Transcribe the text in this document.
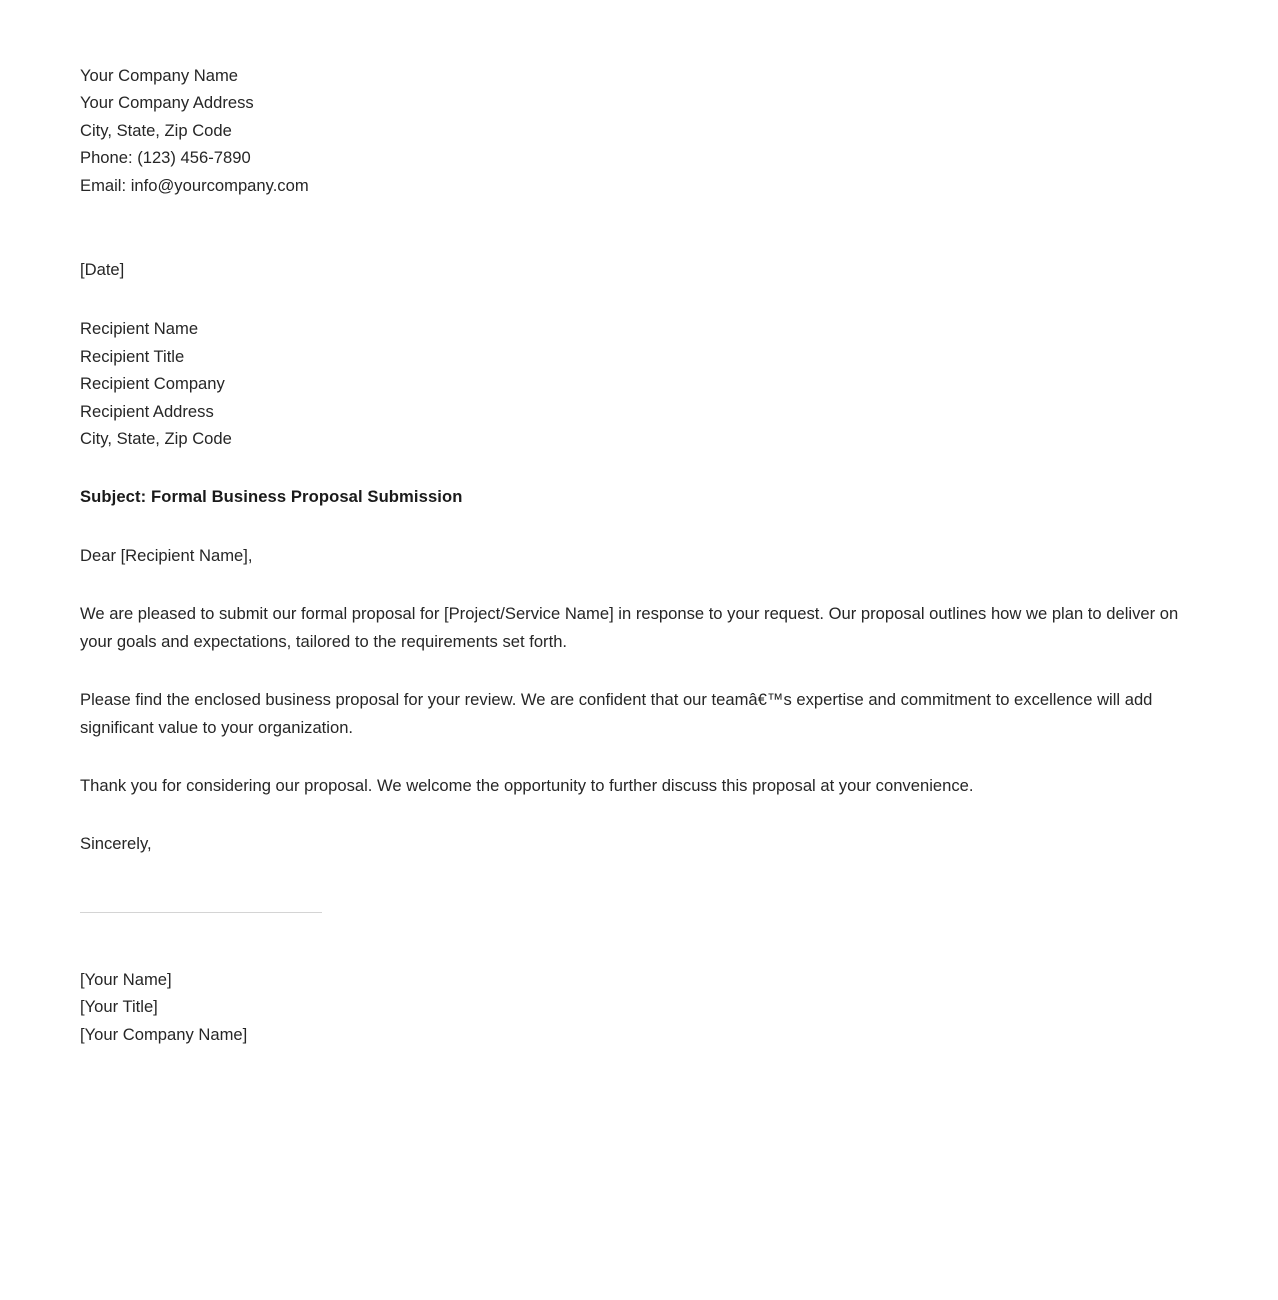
Your Company Name
Your Company Address
City, State, Zip Code
Phone: (123) 456-7890
Email: info@yourcompany.com
[Date]
Recipient Name
Recipient Title
Recipient Company
Recipient Address
City, State, Zip Code
Subject: Formal Business Proposal Submission
Dear [Recipient Name],

We are pleased to submit our formal proposal for [Project/Service Name] in response to your request. Our proposal outlines how we plan to deliver on your goals and expectations, tailored to the requirements set forth.

Please find the enclosed business proposal for your review. We are confident that our teamâ€™s expertise and commitment to excellence will add significant value to your organization.

Thank you for considering our proposal. We welcome the opportunity to further discuss this proposal at your convenience.

Sincerely,
[Your Name]
[Your Title]
[Your Company Name]
